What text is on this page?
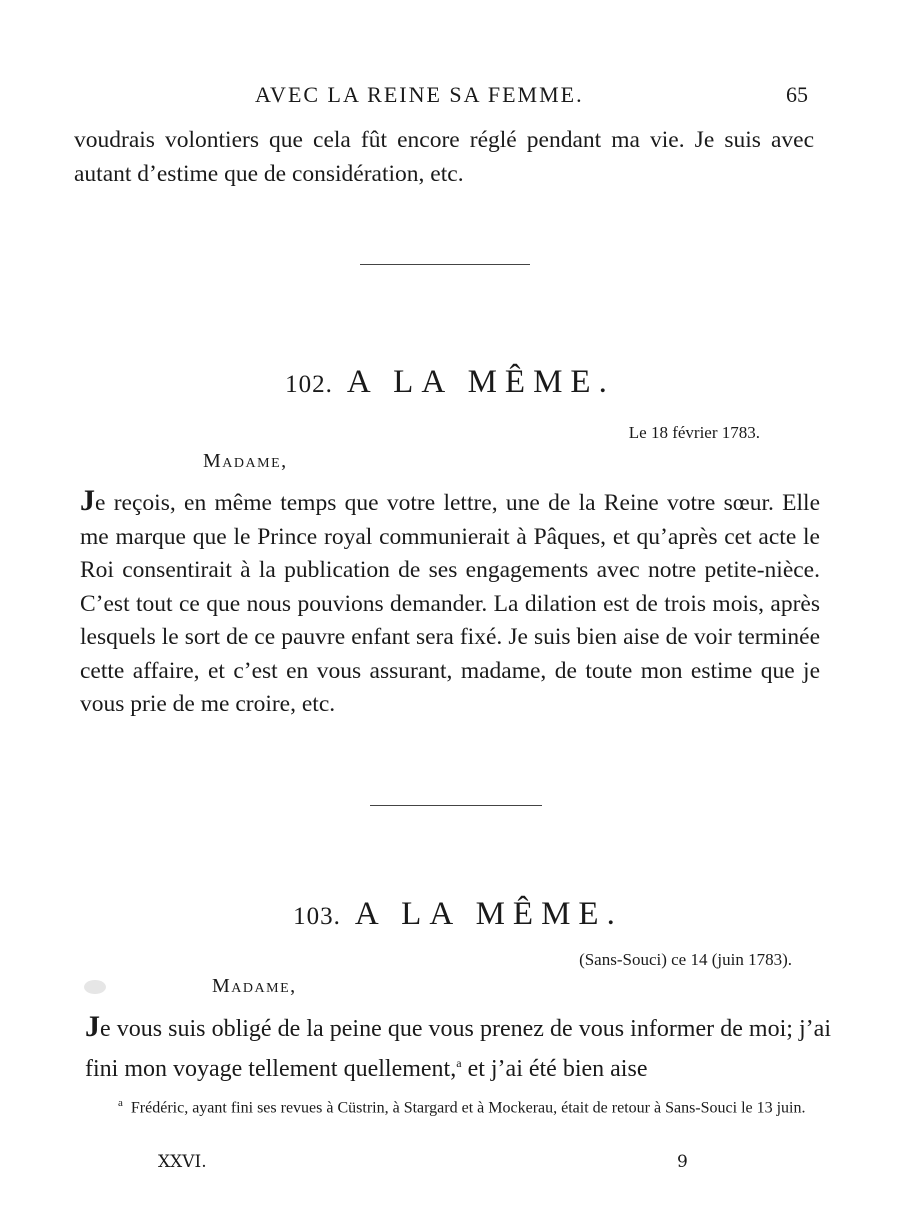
AVEC LA REINE SA FEMME.	65

voudrais volontiers que cela fût encore réglé pendant ma vie. Je suis avec autant d’estime que de considération, etc.

102. A LA MÊME.
Le 18 février 1783.
Madame,

Je reçois, en même temps que votre lettre, une de la Reine votre sœur. Elle me marque que le Prince royal communierait à Pâques, et qu’après cet acte le Roi consentirait à la publication de ses engagements avec notre petite-nièce. C’est tout ce que nous pouvions demander. La dilation est de trois mois, après lesquels le sort de ce pauvre enfant sera fixé. Je suis bien aise de voir terminée cette affaire, et c’est en vous assurant, madame, de toute mon estime que je vous prie de me croire, etc.

103. A LA MÊME.
(Sans-Souci) ce 14 (juin 1783).
Madame,

Je vous suis obligé de la peine que vous prenez de vous informer de moi; j’ai fini mon voyage tellement quellement,$^a$ et j’ai été bien aise

$^a$ Frédéric, ayant fini ses revues à Cüstrin, à Stargard et à Mockerau, était de retour à Sans-Souci le 13 juin.
XXVI.	9
